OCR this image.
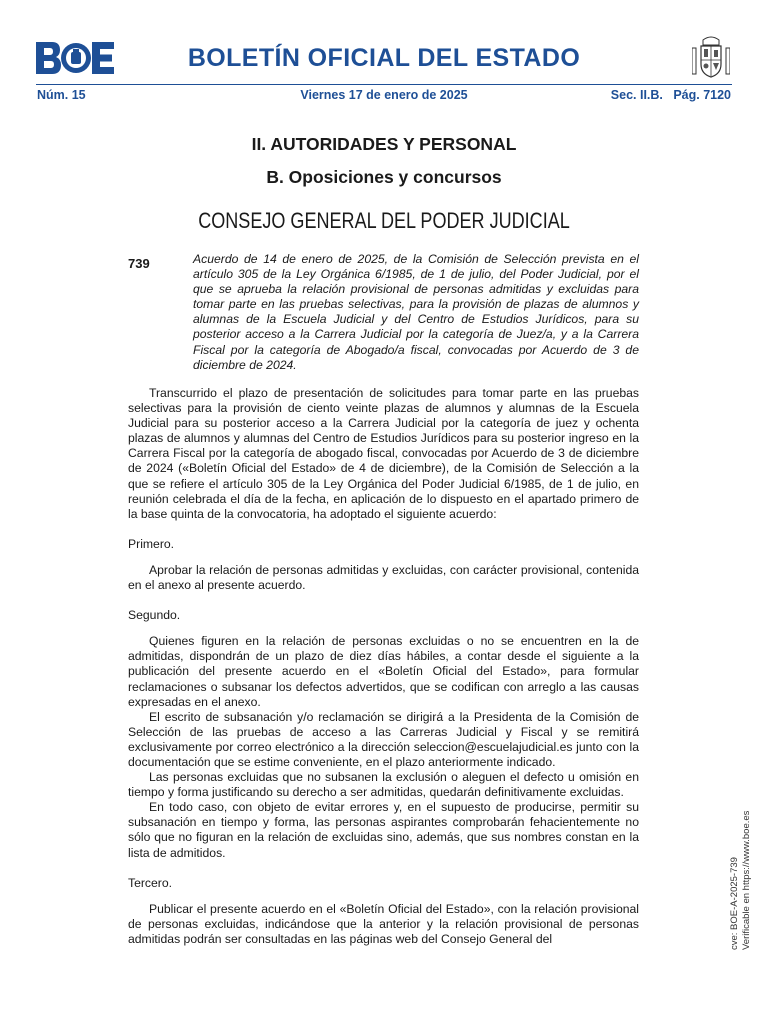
BOLETÍN OFICIAL DEL ESTADO
Núm. 15	Viernes 17 de enero de 2025	Sec. II.B.   Pág. 7120
II. AUTORIDADES Y PERSONAL
B. Oposiciones y concursos
CONSEJO GENERAL DEL PODER JUDICIAL
739	Acuerdo de 14 de enero de 2025, de la Comisión de Selección prevista en el artículo 305 de la Ley Orgánica 6/1985, de 1 de julio, del Poder Judicial, por el que se aprueba la relación provisional de personas admitidas y excluidas para tomar parte en las pruebas selectivas, para la provisión de plazas de alumnos y alumnas de la Escuela Judicial y del Centro de Estudios Jurídicos, para su posterior acceso a la Carrera Judicial por la categoría de Juez/a, y a la Carrera Fiscal por la categoría de Abogado/a fiscal, convocadas por Acuerdo de 3 de diciembre de 2024.

Transcurrido el plazo de presentación de solicitudes para tomar parte en las pruebas selectivas para la provisión de ciento veinte plazas de alumnos y alumnas de la Escuela Judicial para su posterior acceso a la Carrera Judicial por la categoría de juez y ochenta plazas de alumnos y alumnas del Centro de Estudios Jurídicos para su posterior ingreso en la Carrera Fiscal por la categoría de abogado fiscal, convocadas por Acuerdo de 3 de diciembre de 2024 («Boletín Oficial del Estado» de 4 de diciembre), de la Comisión de Selección a la que se refiere el artículo 305 de la Ley Orgánica del Poder Judicial 6/1985, de 1 de julio, en reunión celebrada el día de la fecha, en aplicación de lo dispuesto en el apartado primero de la base quinta de la convocatoria, ha adoptado el siguiente acuerdo:

Primero.

Aprobar la relación de personas admitidas y excluidas, con carácter provisional, contenida en el anexo al presente acuerdo.

Segundo.

Quienes figuren en la relación de personas excluidas o no se encuentren en la de admitidas, dispondrán de un plazo de diez días hábiles, a contar desde el siguiente a la publicación del presente acuerdo en el «Boletín Oficial del Estado», para formular reclamaciones o subsanar los defectos advertidos, que se codifican con arreglo a las causas expresadas en el anexo.

El escrito de subsanación y/o reclamación se dirigirá a la Presidenta de la Comisión de Selección de las pruebas de acceso a las Carreras Judicial y Fiscal y se remitirá exclusivamente por correo electrónico a la dirección seleccion@escuelajudicial.es junto con la documentación que se estime conveniente, en el plazo anteriormente indicado.

Las personas excluidas que no subsanen la exclusión o aleguen el defecto u omisión en tiempo y forma justificando su derecho a ser admitidas, quedarán definitivamente excluidas.

En todo caso, con objeto de evitar errores y, en el supuesto de producirse, permitir su subsanación en tiempo y forma, las personas aspirantes comprobarán fehacientemente no sólo que no figuran en la relación de excluidas sino, además, que sus nombres constan en la lista de admitidos.

Tercero.

Publicar el presente acuerdo en el «Boletín Oficial del Estado», con la relación provisional de personas excluidas, indicándose que la anterior y la relación provisional de personas admitidas podrán ser consultadas en las páginas web del Consejo General del	cve: BOE-A-2025-739 Verificable en https://www.boe.es
